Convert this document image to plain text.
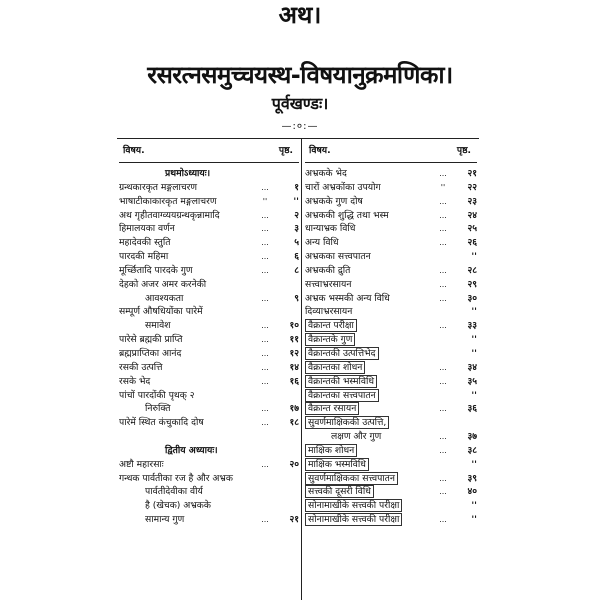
अथ।
रसरत्नसमुच्चयस्थ-विषयानुक्रमणिका।
पूर्वखण्डः।
—:०:—
विषय.	पृष्ठ.
प्रथमोऽध्यायः।
ग्रन्थकारकृत मङ्गलाचरण	...	१
भाषाटीकाकारकृत मङ्गलाचरण	''	''
अथ गृहीतवाग्व्ययग्रन्थकृन्नामादि	...	२
हिमालयका वर्णन	...	३
महादेवकी स्तुति	...	५
पारदकी महिमा	...	६
मूर्च्छितादि पारदके गुण	...	८
देहको अजर अमर करनेकी
आवश्यकता	...	९
सम्पूर्ण औषधियोंका पारेमें
समावेश	...	१०
पारेसे ब्रह्मकी प्राप्ति	...	११
ब्रह्मप्राप्तिका आनंद	...	१२
रसकी उत्पत्ति	...	१४
रसके भेद	...	१६
पांचों पारदोंकी पृथक् २
निरुक्ति	...	१७
पारेमें स्थित कंचुकादि दोष	...	१८
द्वितीय अध्यायः।
अष्टौ महारसाः	...	२०
गन्धक पार्वतीका रज है और अभ्रक
पार्वतीदेवीका वीर्य
है (खेचक) अभ्रकके
सामान्य गुण	...	२१
विषय.	पृष्ठ.
अभ्रकके भेद	...	२१
चारों अभ्रकोंका उपयोग	''	२२
अभ्रकके गुण दोष	...	२३
अभ्रककी शुद्धि तथा भस्म	...	२४
धान्याभ्रक विधि	...	२५
अन्य विधि	...	२६
अभ्रकका सत्त्वपातन	''
अभ्रककी द्रुति	...	२८
सत्त्वाभ्ररसायन	...	२९
अभ्रक भस्मकी अन्य विधि	...	३०
दिव्याभ्ररसायन	''
वैक्रान्त परीक्षा	...	३३
वैक्रान्तके गुण	''
वैक्रान्तकी उत्पत्तिभेद	''
वैक्रान्तका शोधन	...	३४
वैक्रान्तकी भस्मविधि	...	३५
वैक्रान्तका सत्त्वपातन	''
वैक्रान्त रसायन	...	३६
सुवर्णमाक्षिककी उत्पत्ति,
लक्षण और गुण	...	३७
माक्षिक शोधन	...	३८
माक्षिक भस्मविधि	''
सुवर्णमाक्षिकका सत्त्वपातन	...	३९
सत्त्वकी दूसरी विधि	...	४०
सोनामाखीके सत्त्वकी परीक्षा	''
सोनामाखीके सत्त्वकी परीक्षा	...	''
